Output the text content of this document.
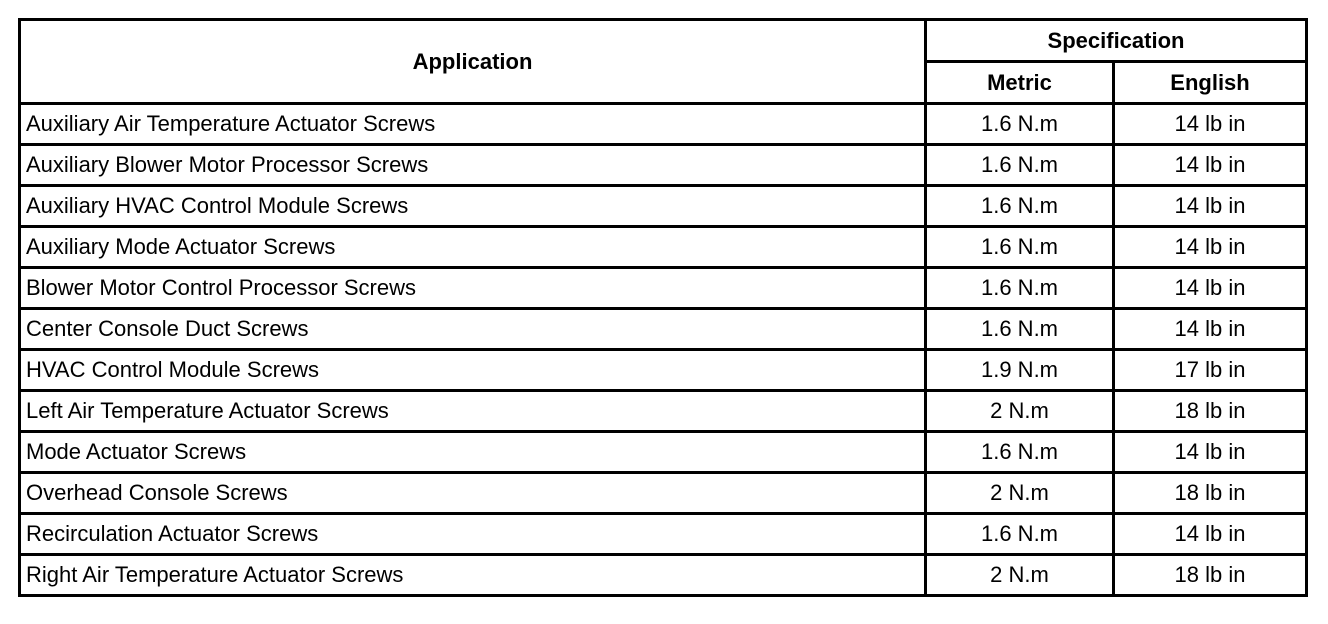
Application	Specification	
	Metric	English
Auxiliary Air Temperature Actuator Screws	1.6 N.m	14 lb in
Auxiliary Blower Motor Processor Screws	1.6 N.m	14 lb in
Auxiliary HVAC Control Module Screws	1.6 N.m	14 lb in
Auxiliary Mode Actuator Screws	1.6 N.m	14 lb in
Blower Motor Control Processor Screws	1.6 N.m	14 lb in
Center Console Duct Screws	1.6 N.m	14 lb in
HVAC Control Module Screws	1.9 N.m	17 lb in
Left Air Temperature Actuator Screws	2 N.m	18 lb in
Mode Actuator Screws	1.6 N.m	14 lb in
Overhead Console Screws	2 N.m	18 lb in
Recirculation Actuator Screws	1.6 N.m	14 lb in
Right Air Temperature Actuator Screws	2 N.m	18 lb in
